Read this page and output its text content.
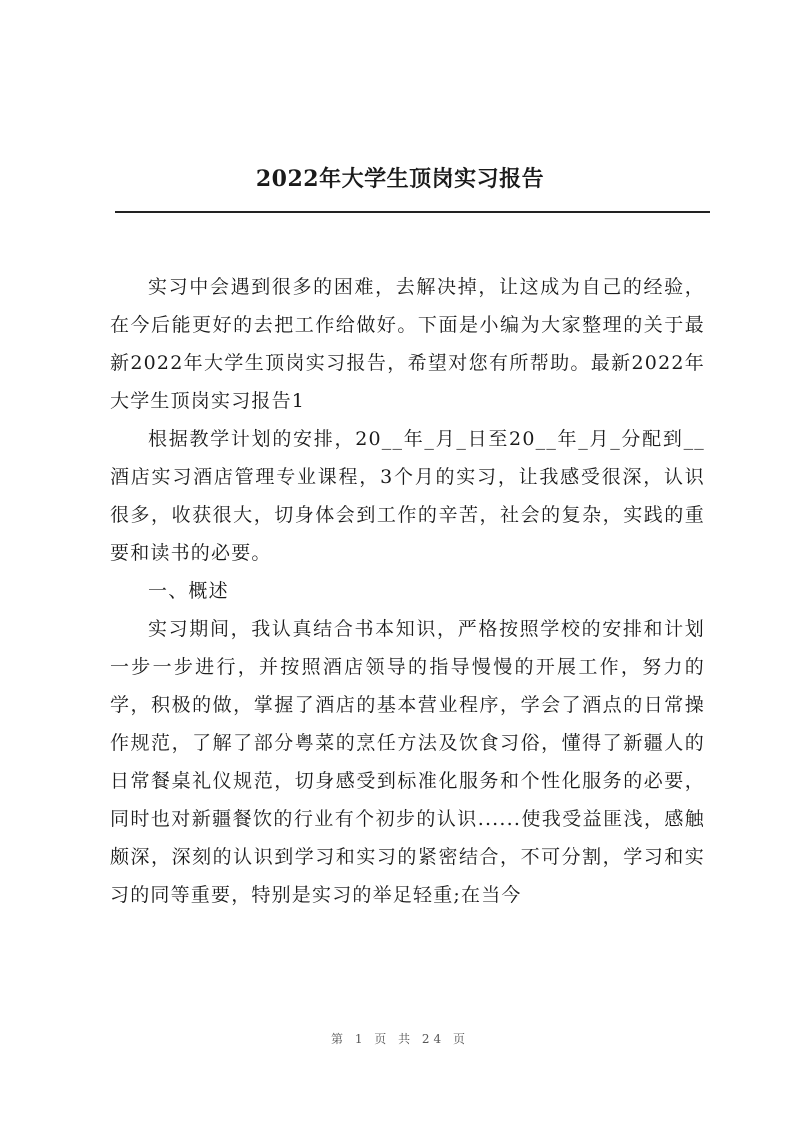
2022年大学生顶岗实习报告

实习中会遇到很多的困难，去解决掉，让这成为自己的经验，在今后能更好的去把工作给做好。下面是小编为大家整理的关于最新2022年大学生顶岗实习报告，希望对您有所帮助。最新2022年大学生顶岗实习报告1

根据教学计划的安排，20__年_月_日至20__年_月_分配到__酒店实习酒店管理专业课程，3个月的实习，让我感受很深，认识很多，收获很大，切身体会到工作的辛苦，社会的复杂，实践的重要和读书的必要。

一、概述

实习期间，我认真结合书本知识，严格按照学校的安排和计划一步一步进行，并按照酒店领导的指导慢慢的开展工作，努力的学，积极的做，掌握了酒店的基本营业程序，学会了酒点的日常操作规范，了解了部分粤菜的烹任方法及饮食习俗，懂得了新疆人的日常餐桌礼仪规范，切身感受到标准化服务和个性化服务的必要，同时也对新疆餐饮的行业有个初步的认识......使我受益匪浅，感触颇深，深刻的认识到学习和实习的紧密结合，不可分割，学习和实习的同等重要，特别是实习的举足轻重;在当今

第 1 页 共 24 页
